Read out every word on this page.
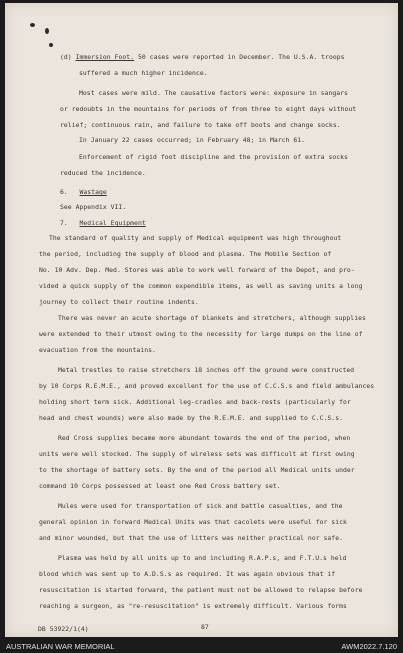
(d) Immersion Foot. 50 cases were reported in December. The U.S.A. troops
suffered a much higher incidence.
Most cases were mild. The causative factors were: exposure in sangars
or redoubts in the mountains for periods of from three to eight days without
relief; continuous rain, and failure to take off boots and change socks.
In January 22 cases occurred; in February 48; in March 61.
Enforcement of rigid foot discipline and the provision of extra socks
reduced the incidence.
6. Wastage
See Appendix VII.
7. Medical Equipment
The standard of quality and supply of Medical equipment was high throughout
the period, including the supply of blood and plasma. The Mobile Section of
No. 10 Adv. Dep. Med. Stores was able to work well forward of the Depot, and pro-
vided a quick supply of the common expendible items, as well as saving units a long
journey to collect their routine indents.
There was never an acute shortage of blankets and stretchers, although supplies
were extended to their utmost owing to the necessity for large dumps on the line of
evacuation from the mountains.
Metal trestles to raise stretchers 18 inches off the ground were constructed
by 10 Corps R.E.M.E., and proved excellent for the use of C.C.S.s and field ambulances
holding short term sick. Additional leg-cradles and back-rests (particularly for
head and chest wounds) were also made by the R.E.M.E. and supplied to C.C.S.s.
Red Cross supplies became more abundant towards the end of the period, when
units were well stocked. The supply of wireless sets was difficult at first owing
to the shortage of battery sets. By the end of the period all Medical units under
command 10 Corps possessed at least one Red Cross battery set.
Mules were used for transportation of sick and battle casualties, and the
general opinion in forward Medical Units was that cacolets were useful for sick
and minor wounded, but that the use of litters was neither practical nor safe.
Plasma was held by all units up to and including R.A.P.s, and F.T.U.s held
blood which was sent up to A.D.S.s as required. It was again obvious that if
resuscitation is started forward, the patient must not be allowed to relapse before
reaching a surgeon, as "re-resuscitation" is extremely difficult. Various forms
DB 53922/1(4)	87
AUSTRALIAN WAR MEMORIAL	AWM2022.7.120
